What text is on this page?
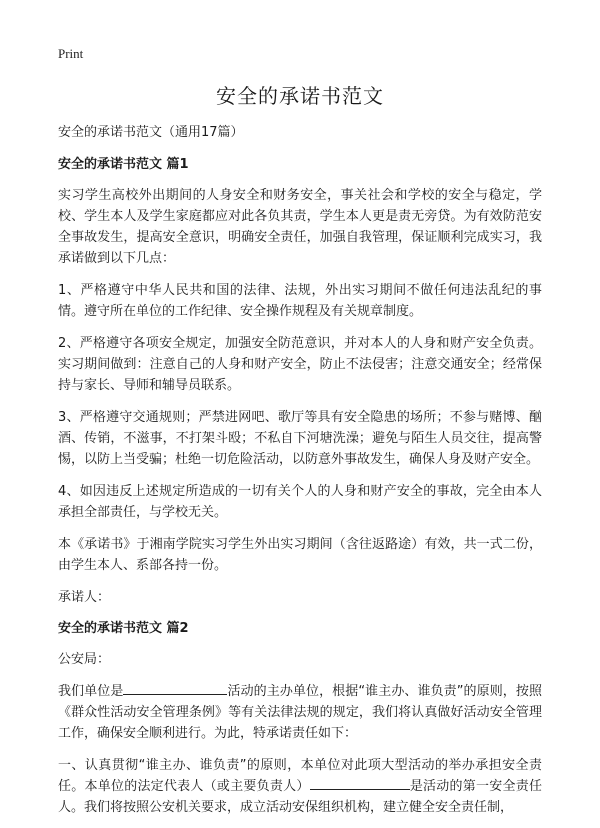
Print
安全的承诺书范文
安全的承诺书范文（通用17篇）
安全的承诺书范文 篇1

实习学生高校外出期间的人身安全和财务安全，事关社会和学校的安全与稳定，学校、学生本人及学生家庭都应对此各负其责，学生本人更是责无旁贷。为有效防范安全事故发生，提高安全意识，明确安全责任，加强自我管理，保证顺利完成实习，我承诺做到以下几点：

1、严格遵守中华人民共和国的法律、法规，外出实习期间不做任何违法乱纪的事情。遵守所在单位的工作纪律、安全操作规程及有关规章制度。

2、严格遵守各项安全规定，加强安全防范意识，并对本人的人身和财产安全负责。实习期间做到：注意自己的人身和财产安全，防止不法侵害；注意交通安全；经常保持与家长、导师和辅导员联系。

3、严格遵守交通规则；严禁进网吧、歌厅等具有安全隐患的场所；不参与赌博、酗酒、传销，不滋事，不打架斗殴；不私自下河塘洗澡；避免与陌生人员交往，提高警惕，以防上当受骗；杜绝一切危险活动，以防意外事故发生，确保人身及财产安全。

4、如因违反上述规定所造成的一切有关个人的人身和财产安全的事故，完全由本人承担全部责任，与学校无关。

本《承诺书》于湘南学院实习学生外出实习期间（含往返路途）有效，共一式二份，由学生本人、系部各持一份。

承诺人：

安全的承诺书范文 篇2

公安局：

我们单位是	活动的主办单位，根据“谁主办、谁负责”的原则，按照《群众性活动安全管理条例》等有关法律法规的规定，我们将认真做好活动安全管理工作，确保安全顺利进行。为此，特承诺责任如下：

一、认真贯彻“谁主办、谁负责”的原则，本单位对此项大型活动的举办承担安全责任。本单位的法定代表人（或主要负责人）	是活动的第一安全责任人。我们将按照公安机关要求，成立活动安保组织机构，建立健全安全责任制，
